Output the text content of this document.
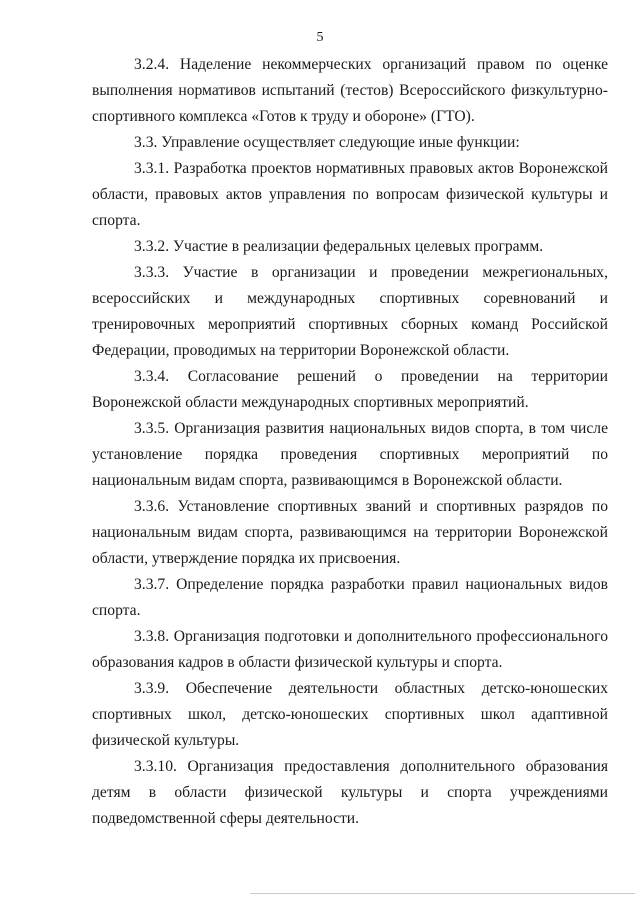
5

3.2.4. Наделение некоммерческих организаций правом по оценке выполнения нормативов испытаний (тестов) Всероссийского физкультурно-спортивного комплекса «Готов к труду и обороне» (ГТО).

3.3. Управление осуществляет следующие иные функции:

3.3.1. Разработка проектов нормативных правовых актов Воронежской области, правовых актов управления по вопросам физической культуры и спорта.

3.3.2. Участие в реализации федеральных целевых программ.

3.3.3. Участие в организации и проведении межрегиональных, всероссийских и международных спортивных соревнований и тренировочных мероприятий спортивных сборных команд Российской Федерации, проводимых на территории Воронежской области.

3.3.4. Согласование решений о проведении на территории Воронежской области международных спортивных мероприятий.

3.3.5. Организация развития национальных видов спорта, в том числе установление порядка проведения спортивных мероприятий по национальным видам спорта, развивающимся в Воронежской области.

3.3.6. Установление спортивных званий и спортивных разрядов по национальным видам спорта, развивающимся на территории Воронежской области, утверждение порядка их присвоения.

3.3.7. Определение порядка разработки правил национальных видов спорта.

3.3.8. Организация подготовки и дополнительного профессионального образования кадров в области физической культуры и спорта.

3.3.9. Обеспечение деятельности областных детско-юношеских спортивных школ, детско-юношеских спортивных школ адаптивной физической культуры.

3.3.10. Организация предоставления дополнительного образования детям в области физической культуры и спорта учреждениями подведомственной сферы деятельности.
